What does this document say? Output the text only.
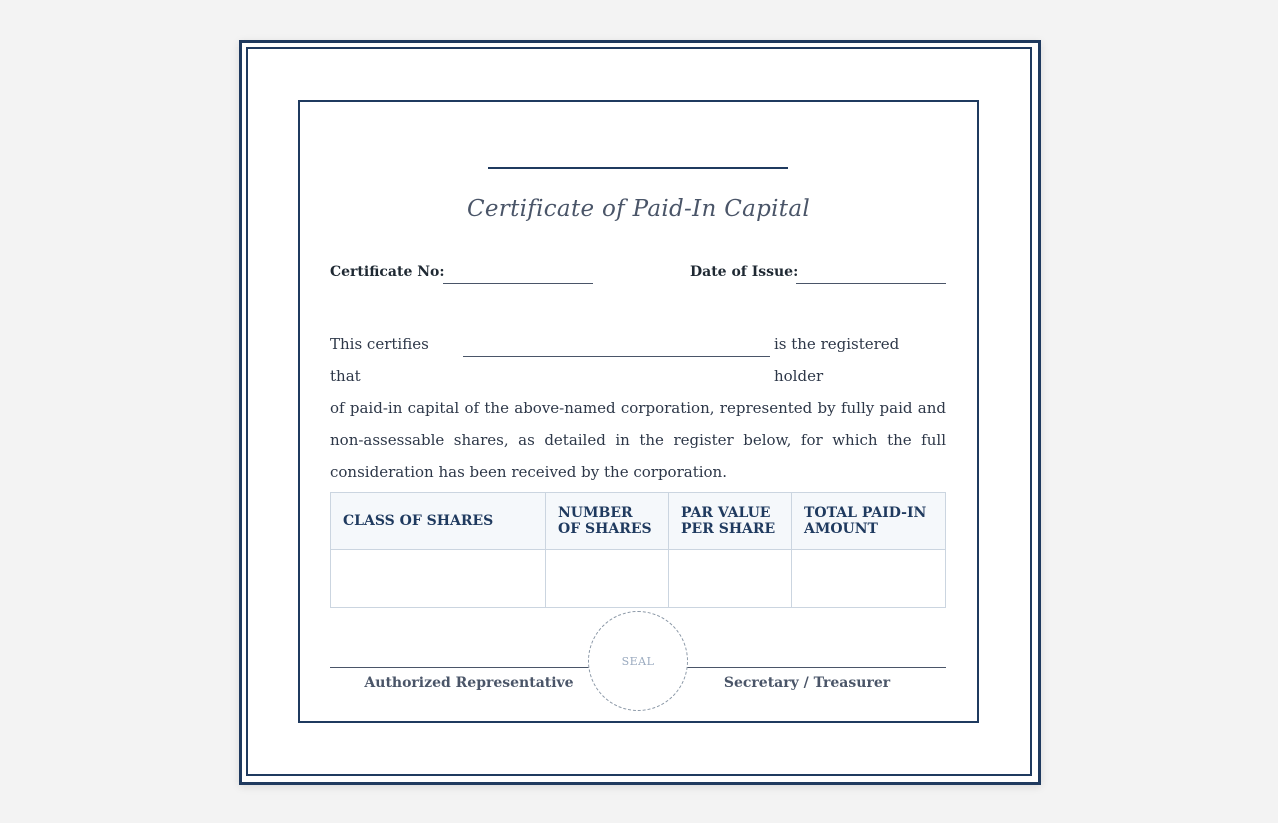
Certificate of Paid-In Capital
Certificate No:	Date of Issue:
This certifies that
is the registered holder
of paid-in capital of the above-named corporation, represented by fully paid and non-assessable shares, as detailed in the register below, for which the full consideration has been received by the corporation.
CLASS OF SHARES	NUMBER OF SHARES	PAR VALUE PER SHARE	TOTAL PAID-IN AMOUNT

Authorized Representative	Secretary / Treasurer
SEAL
